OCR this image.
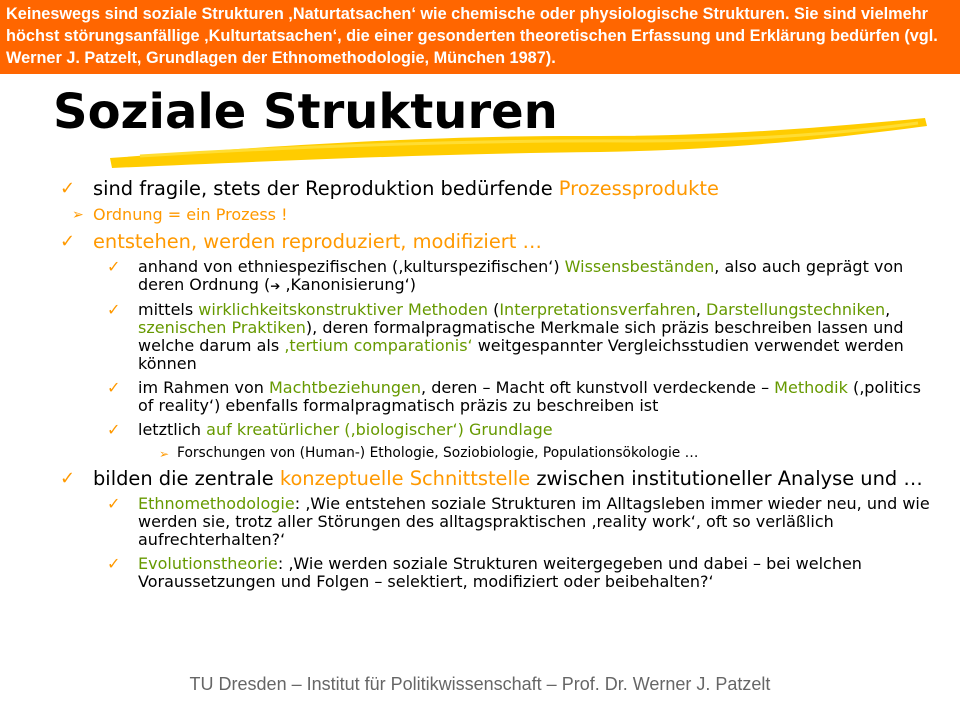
Keineswegs sind soziale Strukturen ‚Naturtatsachen‘ wie chemische oder physiologische Strukturen. Sie sind vielmehr höchst störungsanfällige ‚Kulturtatsachen‘, die einer gesonderten theoretischen Erfassung und Erklärung bedürfen (vgl. Werner J. Patzelt, Grundlagen der Ethnomethodologie, München 1987).

Soziale Strukturen
✓ sind fragile, stets der Reproduktion bedürfende Prozessprodukte
➢ Ordnung = ein Prozess !
✓ entstehen, werden reproduziert, modifiziert …
✓ anhand von ethniespezifischen (‚kulturspezifischen‘) Wissensbeständen, also auch geprägt von deren Ordnung (➔ ‚Kanonisierung‘)
✓ mittels wirklichkeitskonstruktiver Methoden (Interpretationsverfahren, Darstellungstechniken, szenischen Praktiken), deren formalpragmatische Merkmale sich präzis beschreiben lassen und welche darum als ‚tertium comparationis‘ weitgespannter Vergleichsstudien verwendet werden können
✓ im Rahmen von Machtbeziehungen, deren – Macht oft kunstvoll verdeckende – Methodik (‚politics of reality‘) ebenfalls formalpragmatisch präzis zu beschreiben ist
✓ letztlich auf kreatürlicher (‚biologischer‘) Grundlage
➢ Forschungen von (Human-) Ethologie, Soziobiologie, Populationsökologie …
✓ bilden die zentrale konzeptuelle Schnittstelle zwischen institutioneller Analyse und …
✓ Ethnomethodologie: ‚Wie entstehen soziale Strukturen im Alltagsleben immer wieder neu, und wie werden sie, trotz aller Störungen des alltagspraktischen ‚reality work‘, oft so verläßlich aufrechterhalten?‘
✓ Evolutionstheorie: ‚Wie werden soziale Strukturen weitergegeben und dabei – bei welchen Voraussetzungen und Folgen – selektiert, modifiziert oder beibehalten?‘

TU Dresden – Institut für Politikwissenschaft – Prof. Dr. Werner J. Patzelt
